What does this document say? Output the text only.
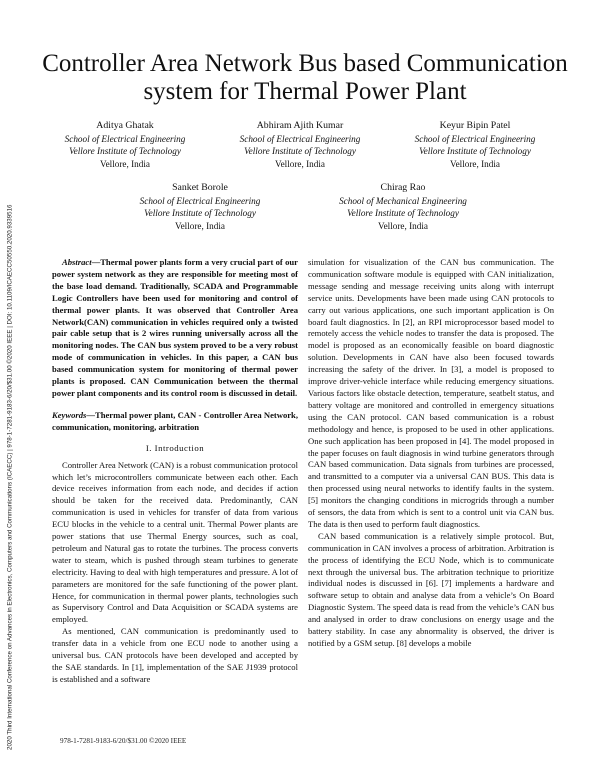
2020 Third International Conference on Advances in Electronics, Computers and Communications (ICAECC) | 978-1-7281-9183-6/20/$31.00 ©2020 IEEE | DOI: 10.1109/ICAECC50550.2020.9339516
Controller Area Network Bus based Communication system for Thermal Power Plant
Aditya Ghatak
School of Electrical Engineering
Vellore Institute of Technology
Vellore, India
Abhiram Ajith Kumar
School of Electrical Engineering
Vellore Institute of Technology
Vellore, India
Keyur Bipin Patel
School of Electrical Engineering
Vellore Institute of Technology
Vellore, India
Sanket Borole
School of Electrical Engineering
Vellore Institute of Technology
Vellore, India
Chirag Rao
School of Mechanical Engineering
Vellore Institute of Technology
Vellore, India

Abstract—Thermal power plants form a very crucial part of our power system network as they are responsible for meeting most of the base load demand. Traditionally, SCADA and Programmable Logic Controllers have been used for monitoring and control of thermal power plants. It was observed that Controller Area Network(CAN) communication in vehicles required only a twisted pair cable setup that is 2 wires running universally across all the monitoring nodes. The CAN bus system proved to be a very robust mode of communication in vehicles. In this paper, a CAN bus based communication system for monitoring of thermal power plants is proposed. CAN Communication between the thermal power plant components and its control room is discussed in detail.

Keywords—Thermal power plant, CAN - Controller Area Network, communication, monitoring, arbitration

I. Introduction

Controller Area Network (CAN) is a robust communication protocol which let’s microcontrollers communicate between each other. Each device receives information from each node, and decides if action should be taken for the received data. Predominantly, CAN communication is used in vehicles for transfer of data from various ECU blocks in the vehicle to a central unit. Thermal Power plants are power stations that use Thermal Energy sources, such as coal, petroleum and Natural gas to rotate the turbines. The process converts water to steam, which is pushed through steam turbines to generate electricity. Having to deal with high temperatures and pressure. A lot of parameters are monitored for the safe functioning of the power plant. Hence, for communication in thermal power plants, technologies such as Supervisory Control and Data Acquisition or SCADA systems are employed.

As mentioned, CAN communication is predominantly used to transfer data in a vehicle from one ECU node to another using a universal bus. CAN protocols have been developed and accepted by the SAE standards. In [1], implementation of the SAE J1939 protocol is established and a software

simulation for visualization of the CAN bus communication. The communication software module is equipped with CAN initialization, message sending and message receiving units along with interrupt service units. Developments have been made using CAN protocols to carry out various applications, one such important application is On board fault diagnostics. In [2], an RPI microprocessor based model to remotely access the vehicle nodes to transfer the data is proposed. The model is proposed as an economically feasible on board diagnostic solution. Developments in CAN have also been focused towards increasing the safety of the driver. In [3], a model is proposed to improve driver-vehicle interface while reducing emergency situations. Various factors like obstacle detection, temperature, seatbelt status, and battery voltage are monitored and controlled in emergency situations using the CAN protocol. CAN based communication is a robust methodology and hence, is proposed to be used in other applications. One such application has been proposed in [4]. The model proposed in the paper focuses on fault diagnosis in wind turbine generators through CAN based communication. Data signals from turbines are processed, and transmitted to a computer via a universal CAN BUS. This data is then processed using neural networks to identify faults in the system. [5] monitors the changing conditions in microgrids through a number of sensors, the data from which is sent to a control unit via CAN bus. The data is then used to perform fault diagnostics.

CAN based communication is a relatively simple protocol. But, communication in CAN involves a process of arbitration. Arbitration is the process of identifying the ECU Node, which is to communicate next through the universal bus. The arbitration technique to prioritize individual nodes is discussed in [6]. [7] implements a hardware and software setup to obtain and analyse data from a vehicle’s On Board Diagnostic System. The speed data is read from the vehicle’s CAN bus and analysed in order to draw conclusions on energy usage and the battery stability. In case any abnormality is observed, the driver is notified by a GSM setup. [8] develops a mobile

978-1-7281-9183-6/20/$31.00 ©2020 IEEE
